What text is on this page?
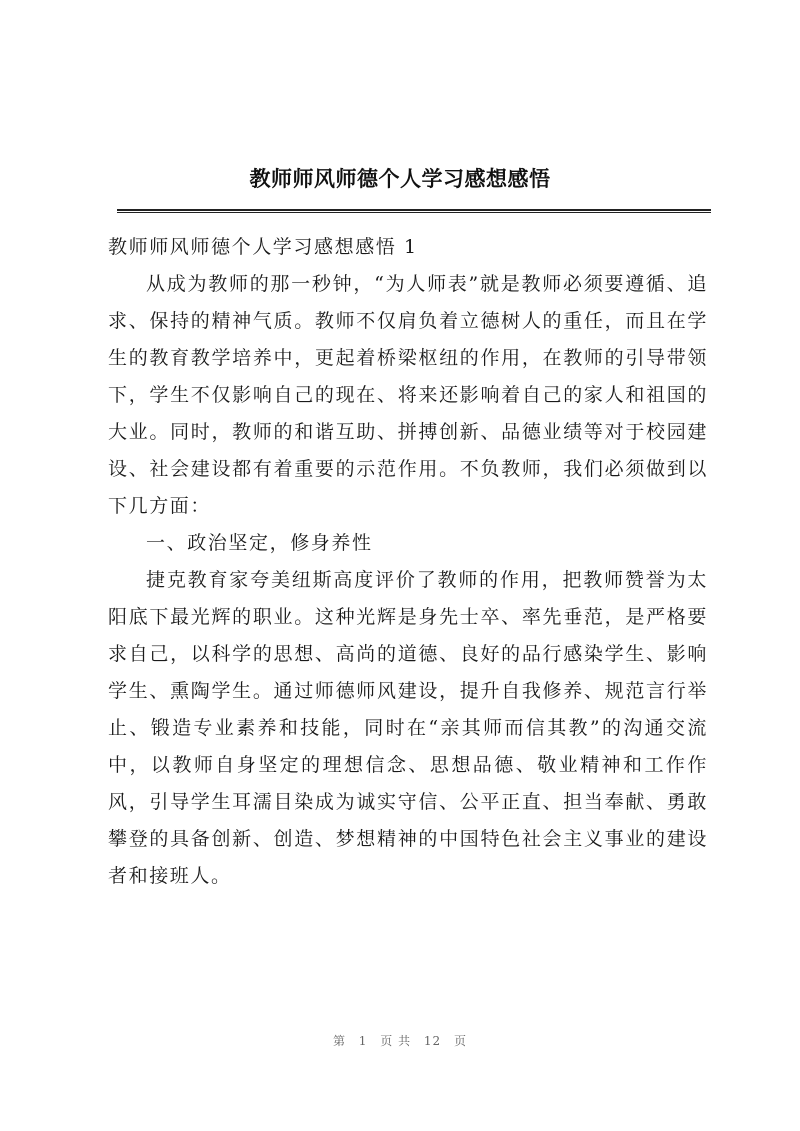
教师师风师德个人学习感想感悟

教师师风师德个人学习感想感悟 1

从成为教师的那一秒钟，“为人师表”就是教师必须要遵循、追求、保持的精神气质。教师不仅肩负着立德树人的重任，而且在学生的教育教学培养中，更起着桥梁枢纽的作用，在教师的引导带领下，学生不仅影响自己的现在、将来还影响着自己的家人和祖国的大业。同时，教师的和谐互助、拼搏创新、品德业绩等对于校园建设、社会建设都有着重要的示范作用。不负教师，我们必须做到以下几方面：

一、政治坚定，修身养性

捷克教育家夸美纽斯高度评价了教师的作用，把教师赞誉为太阳底下最光辉的职业。这种光辉是身先士卒、率先垂范，是严格要求自己，以科学的思想、高尚的道德、良好的品行感染学生、影响学生、熏陶学生。通过师德师风建设，提升自我修养、规范言行举止、锻造专业素养和技能，同时在“亲其师而信其教”的沟通交流中，以教师自身坚定的理想信念、思想品德、敬业精神和工作作风，引导学生耳濡目染成为诚实守信、公平正直、担当奉献、勇敢攀登的具备创新、创造、梦想精神的中国特色社会主义事业的建设者和接班人。

第 1 页 共 12 页
